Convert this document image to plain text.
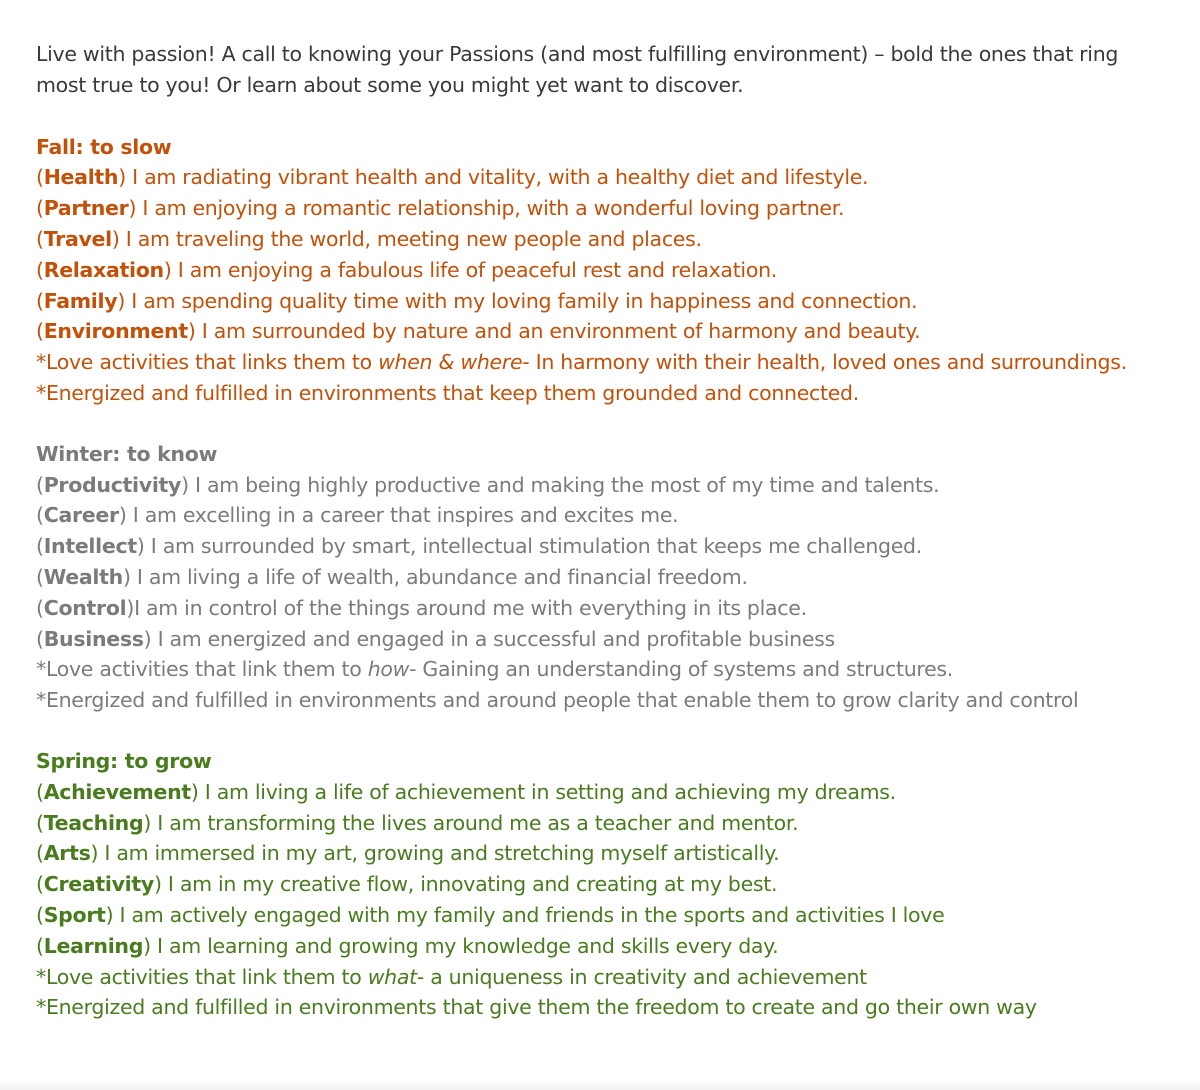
Live with passion! A call to knowing your Passions (and most fulfilling environment) – bold the ones that ring most true to you! Or learn about some you might yet want to discover.

Fall: to slow

(Health) I am radiating vibrant health and vitality, with a healthy diet and lifestyle.

(Partner) I am enjoying a romantic relationship, with a wonderful loving partner.

(Travel) I am traveling the world, meeting new people and places.

(Relaxation) I am enjoying a fabulous life of peaceful rest and relaxation.

(Family) I am spending quality time with my loving family in happiness and connection.

(Environment) I am surrounded by nature and an environment of harmony and beauty.

*Love activities that links them to when & where- In harmony with their health, loved ones and surroundings.

*Energized and fulfilled in environments that keep them grounded and connected.

Winter: to know

(Productivity) I am being highly productive and making the most of my time and talents.

(Career) I am excelling in a career that inspires and excites me.

(Intellect) I am surrounded by smart, intellectual stimulation that keeps me challenged.

(Wealth) I am living a life of wealth, abundance and financial freedom.

(Control)I am in control of the things around me with everything in its place.

(Business) I am energized and engaged in a successful and profitable business

*Love activities that link them to how- Gaining an understanding of systems and structures.

*Energized and fulfilled in environments and around people that enable them to grow clarity and control

Spring: to grow

(Achievement) I am living a life of achievement in setting and achieving my dreams.

(Teaching) I am transforming the lives around me as a teacher and mentor.

(Arts) I am immersed in my art, growing and stretching myself artistically.

(Creativity) I am in my creative flow, innovating and creating at my best.

(Sport) I am actively engaged with my family and friends in the sports and activities I love

(Learning) I am learning and growing my knowledge and skills every day.

*Love activities that link them to what- a uniqueness in creativity and achievement

*Energized and fulfilled in environments that give them the freedom to create and go their own way
